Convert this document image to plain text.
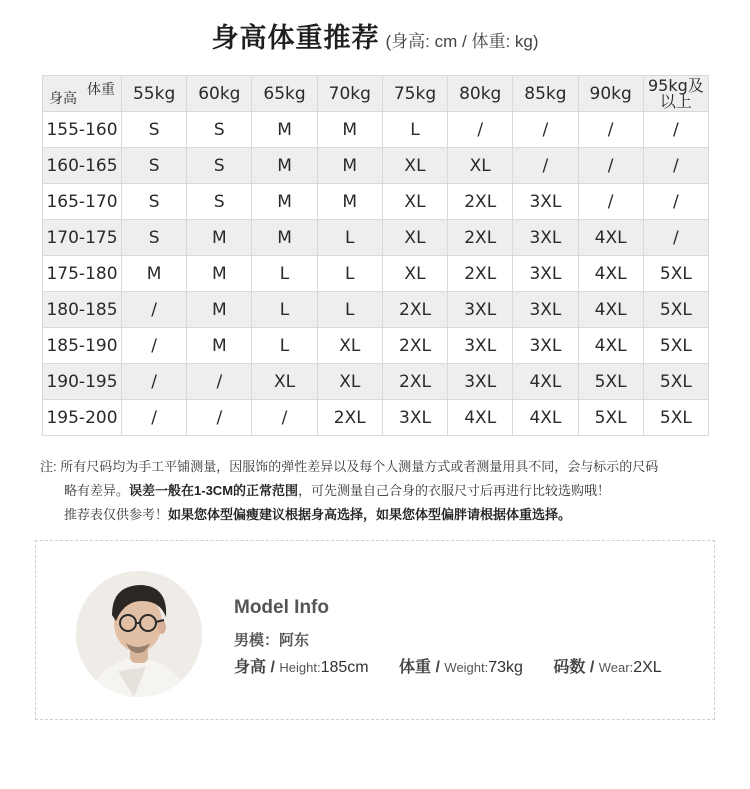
身高体重推荐 (身高: cm / 体重: kg)
体重
身高	55kg	60kg	65kg	70kg	75kg	80kg	85kg	90kg	95kg及以上
155-160	S	S	M	M	L	/	/	/	/
160-165	S	S	M	M	XL	XL	/	/	/
165-170	S	S	M	M	XL	2XL	3XL	/	/
170-175	S	M	M	L	XL	2XL	3XL	4XL	/
175-180	M	M	L	L	XL	2XL	3XL	4XL	5XL
180-185	/	M	L	L	2XL	3XL	3XL	4XL	5XL
185-190	/	M	L	XL	2XL	3XL	3XL	4XL	5XL
190-195	/	/	XL	XL	2XL	3XL	4XL	5XL	5XL
195-200	/	/	/	2XL	3XL	4XL	4XL	5XL	5XL
注: 所有尺码均为手工平铺测量，因服饰的弹性差异以及每个人测量方式或者测量用具不同，会与标示的尺码
略有差异。误差一般在1-3CM的正常范围，可先测量自己合身的衣服尺寸后再进行比较选购哦！
推荐表仅供参考！如果您体型偏瘦建议根据身高选择，如果您体型偏胖请根据体重选择。
Model Info
男模：阿东
身高 / Height:185cm 体重 / Weight:73kg 码数 / Wear:2XL
